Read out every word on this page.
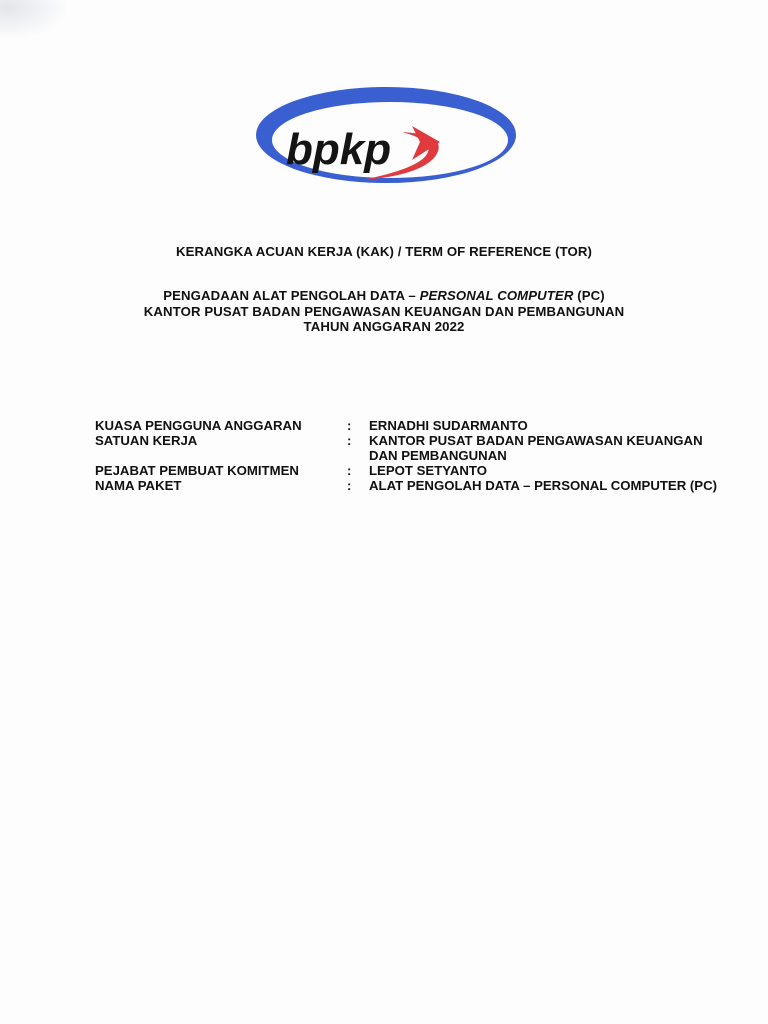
bpkp
KERANGKA ACUAN KERJA (KAK) / TERM OF REFERENCE (TOR)
PENGADAAN ALAT PENGOLAH DATA – PERSONAL COMPUTER (PC)
KANTOR PUSAT BADAN PENGAWASAN KEUANGAN DAN PEMBANGUNAN
TAHUN ANGGARAN 2022
KUASA PENGGUNA ANGGARAN	:	ERNADHI SUDARMANTO
SATUAN KERJA	:	KANTOR PUSAT BADAN PENGAWASAN KEUANGAN DAN PEMBANGUNAN
PEJABAT PEMBUAT KOMITMEN	:	LEPOT SETYANTO
NAMA PAKET	:	ALAT PENGOLAH DATA – PERSONAL COMPUTER (PC)
